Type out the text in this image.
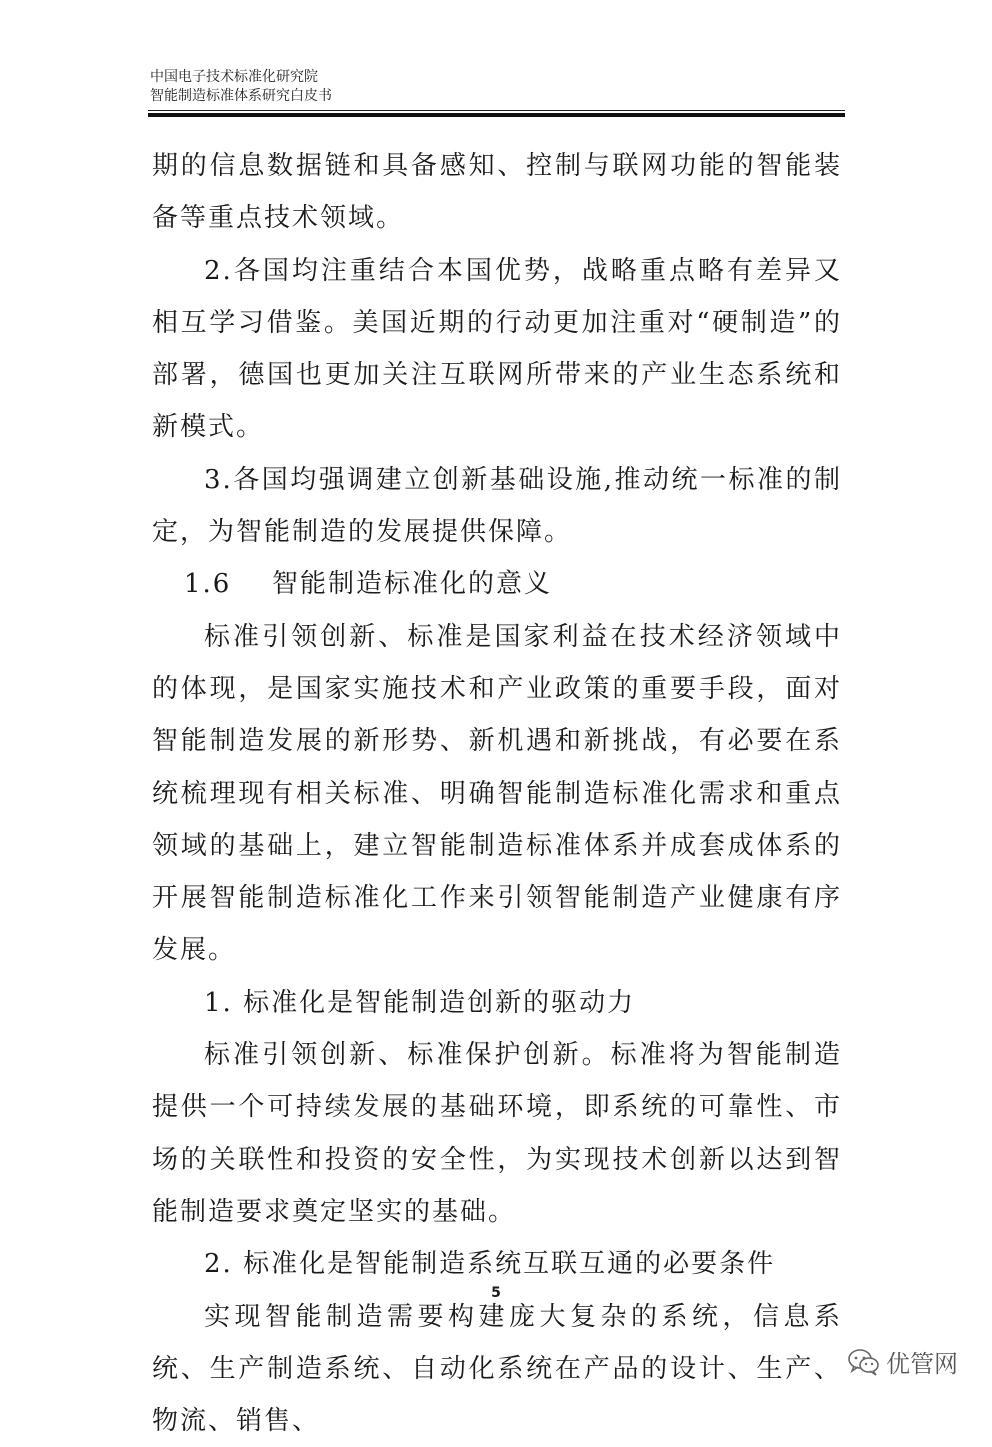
中国电子技术标准化研究院
智能制造标准体系研究白皮书

期的信息数据链和具备感知、控制与联网功能的智能装备等重点技术领域。

2.各国均注重结合本国优势，战略重点略有差异又相互学习借鉴。美国近期的行动更加注重对“硬制造”的部署，德国也更加关注互联网所带来的产业生态系统和新模式。

3.各国均强调建立创新基础设施,推动统一标准的制定，为智能制造的发展提供保障。

1.6 智能制造标准化的意义

标准引领创新、标准是国家利益在技术经济领域中的体现，是国家实施技术和产业政策的重要手段，面对智能制造发展的新形势、新机遇和新挑战，有必要在系统梳理现有相关标准、明确智能制造标准化需求和重点领域的基础上，建立智能制造标准体系并成套成体系的开展智能制造标准化工作来引领智能制造产业健康有序发展。

1. 标准化是智能制造创新的驱动力

标准引领创新、标准保护创新。标准将为智能制造提供一个可持续发展的基础环境，即系统的可靠性、市场的关联性和投资的安全性，为实现技术创新以达到智能制造要求奠定坚实的基础。

2. 标准化是智能制造系统互联互通的必要条件

实现智能制造需要构建庞大复杂的系统，信息系统、生产制造系统、自动化系统在产品的设计、生产、物流、销售、

5
优管网
